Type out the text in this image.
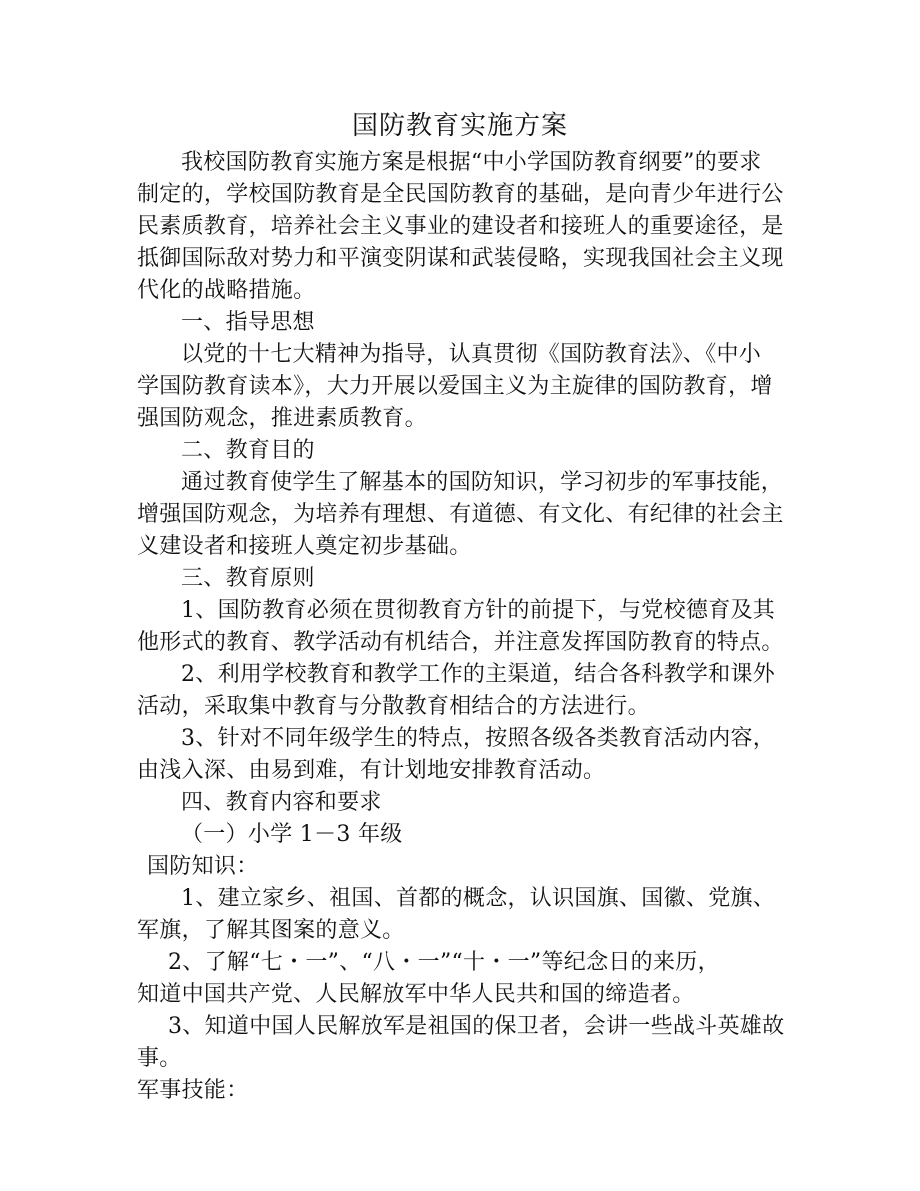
国防教育实施方案
我校国防教育实施方案是根据“中小学国防教育纲要”的要求
制定的，学校国防教育是全民国防教育的基础，是向青少年进行公
民素质教育，培养社会主义事业的建设者和接班人的重要途径，是
抵御国际敌对势力和平演变阴谋和武装侵略，实现我国社会主义现
代化的战略措施。
一、指导思想
以党的十七大精神为指导，认真贯彻《国防教育法》、《中小
学国防教育读本》，大力开展以爱国主义为主旋律的国防教育，增
强国防观念，推进素质教育。
二、教育目的
通过教育使学生了解基本的国防知识，学习初步的军事技能，
增强国防观念，为培养有理想、有道德、有文化、有纪律的社会主
义建设者和接班人奠定初步基础。
三、教育原则
1、国防教育必须在贯彻教育方针的前提下，与党校德育及其
他形式的教育、教学活动有机结合，并注意发挥国防教育的特点。
2、利用学校教育和教学工作的主渠道，结合各科教学和课外
活动，采取集中教育与分散教育相结合的方法进行。
3、针对不同年级学生的特点，按照各级各类教育活动内容，
由浅入深、由易到难，有计划地安排教育活动。
四、教育内容和要求
（一）小学 1－3 年级
国防知识：
1、建立家乡、祖国、首都的概念，认识国旗、国徽、党旗、
军旗，了解其图案的意义。
2、了解“七・一”、“八・一”“十・一”等纪念日的来历，
知道中国共产党、人民解放军中华人民共和国的缔造者。
3、知道中国人民解放军是祖国的保卫者，会讲一些战斗英雄故
事。
军事技能：
